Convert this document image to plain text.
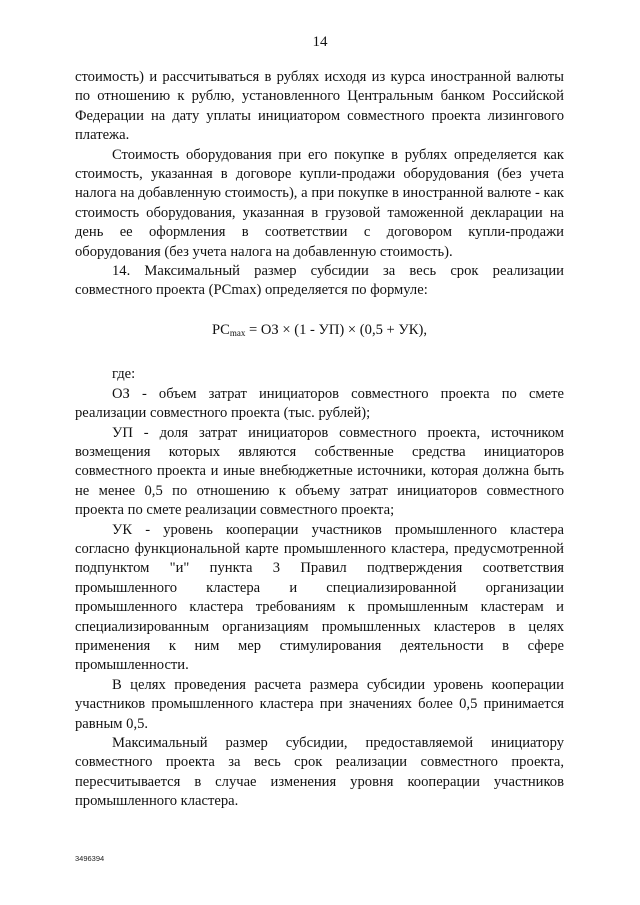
14

стоимость) и рассчитываться в рублях исходя из курса иностранной валюты по отношению к рублю, установленного Центральным банком Российской Федерации на дату уплаты инициатором совместного проекта лизингового платежа.

Стоимость оборудования при его покупке в рублях определяется как стоимость, указанная в договоре купли-продажи оборудования (без учета налога на добавленную стоимость), а при покупке в иностранной валюте - как стоимость оборудования, указанная в грузовой таможенной декларации на день ее оформления в соответствии с договором купли-продажи оборудования (без учета налога на добавленную стоимость).

14. Максимальный размер субсидии за весь срок реализации совместного проекта (PCmax) определяется по формуле:

$PC_{max}$ = ОЗ × (1 - УП) × (0,5 + УК),

где:

ОЗ - объем затрат инициаторов совместного проекта по смете реализации совместного проекта (тыс. рублей);

УП - доля затрат инициаторов совместного проекта, источником возмещения которых являются собственные средства инициаторов совместного проекта и иные внебюджетные источники, которая должна быть не менее 0,5 по отношению к объему затрат инициаторов совместного проекта по смете реализации совместного проекта;

УК - уровень кооперации участников промышленного кластера согласно функциональной карте промышленного кластера, предусмотренной подпунктом "и" пункта 3 Правил подтверждения соответствия промышленного кластера и специализированной организации промышленного кластера требованиям к промышленным кластерам и специализированным организациям промышленных кластеров в целях применения к ним мер стимулирования деятельности в сфере промышленности.

В целях проведения расчета размера субсидии уровень кооперации участников промышленного кластера при значениях более 0,5 принимается равным 0,5.

Максимальный размер субсидии, предоставляемой инициатору совместного проекта за весь срок реализации совместного проекта, пересчитывается в случае изменения уровня кооперации участников промышленного кластера.

3496394
